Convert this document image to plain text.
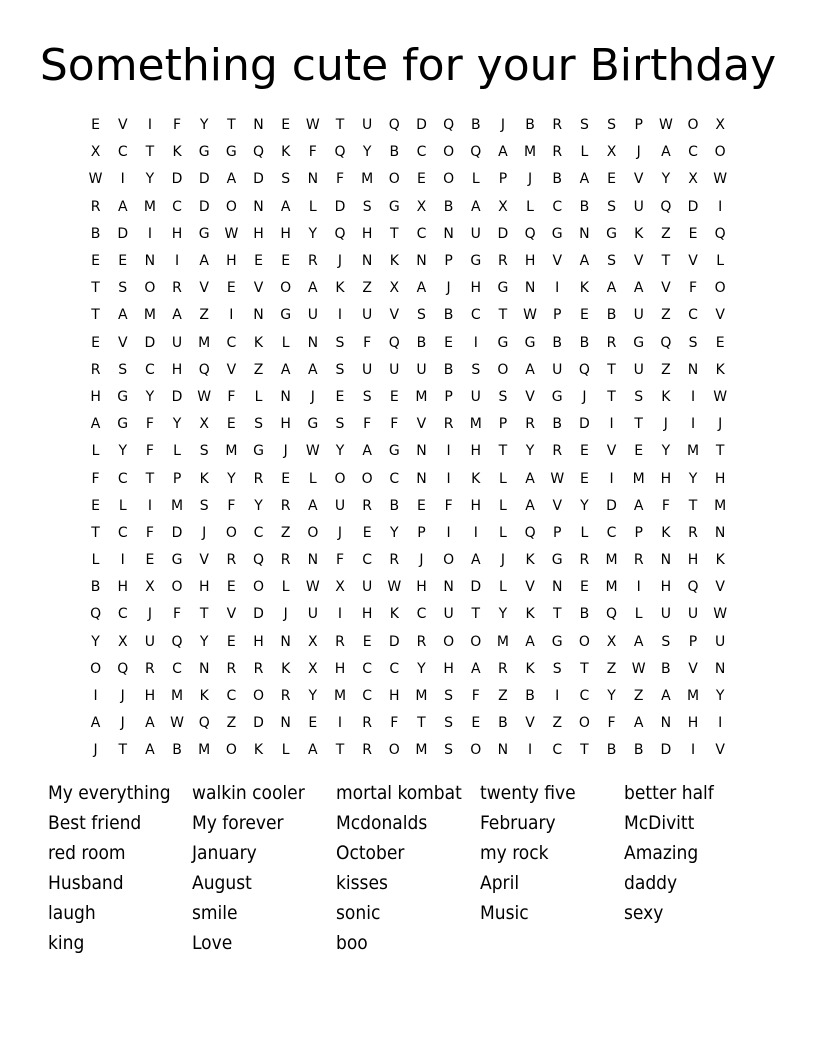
Something cute for your Birthday
E	V	I	F	Y	T	N	E	W	T	U	Q	D	Q	B	J	B	R	S	S	P	W	O	X
X	C	T	K	G	G	Q	K	F	Q	Y	B	C	O	Q	A	M	R	L	X	J	A	C	O
W	I	Y	D	D	A	D	S	N	F	M	O	E	O	L	P	J	B	A	E	V	Y	X	W
R	A	M	C	D	O	N	A	L	D	S	G	X	B	A	X	L	C	B	S	U	Q	D	I
B	D	I	H	G	W	H	H	Y	Q	H	T	C	N	U	D	Q	G	N	G	K	Z	E	Q
E	E	N	I	A	H	E	E	R	J	N	K	N	P	G	R	H	V	A	S	V	T	V	L
T	S	O	R	V	E	V	O	A	K	Z	X	A	J	H	G	N	I	K	A	A	V	F	O
T	A	M	A	Z	I	N	G	U	I	U	V	S	B	C	T	W	P	E	B	U	Z	C	V
E	V	D	U	M	C	K	L	N	S	F	Q	B	E	I	G	G	B	B	R	G	Q	S	E
R	S	C	H	Q	V	Z	A	A	S	U	U	U	B	S	O	A	U	Q	T	U	Z	N	K
H	G	Y	D	W	F	L	N	J	E	S	E	M	P	U	S	V	G	J	T	S	K	I	W
A	G	F	Y	X	E	S	H	G	S	F	F	V	R	M	P	R	B	D	I	T	J	I	J
L	Y	F	L	S	M	G	J	W	Y	A	G	N	I	H	T	Y	R	E	V	E	Y	M	T
F	C	T	P	K	Y	R	E	L	O	O	C	N	I	K	L	A	W	E	I	M	H	Y	H
E	L	I	M	S	F	Y	R	A	U	R	B	E	F	H	L	A	V	Y	D	A	F	T	M
T	C	F	D	J	O	C	Z	O	J	E	Y	P	I	I	L	Q	P	L	C	P	K	R	N
L	I	E	G	V	R	Q	R	N	F	C	R	J	O	A	J	K	G	R	M	R	N	H	K
B	H	X	O	H	E	O	L	W	X	U	W	H	N	D	L	V	N	E	M	I	H	Q	V
Q	C	J	F	T	V	D	J	U	I	H	K	C	U	T	Y	K	T	B	Q	L	U	U	W
Y	X	U	Q	Y	E	H	N	X	R	E	D	R	O	O	M	A	G	O	X	A	S	P	U
O	Q	R	C	N	R	R	K	X	H	C	C	Y	H	A	R	K	S	T	Z	W	B	V	N
I	J	H	M	K	C	O	R	Y	M	C	H	M	S	F	Z	B	I	C	Y	Z	A	M	Y
A	J	A	W	Q	Z	D	N	E	I	R	F	T	S	E	B	V	Z	O	F	A	N	H	I
J	T	A	B	M	O	K	L	A	T	R	O	M	S	O	N	I	C	T	B	B	D	I	V
My everything
Best friend
red room
Husband
laugh
king
walkin cooler
My forever
January
August
smile
Love
mortal kombat
Mcdonalds
October
kisses
sonic
boo
twenty five
February
my rock
April
Music
better half
McDivitt
Amazing
daddy
sexy
